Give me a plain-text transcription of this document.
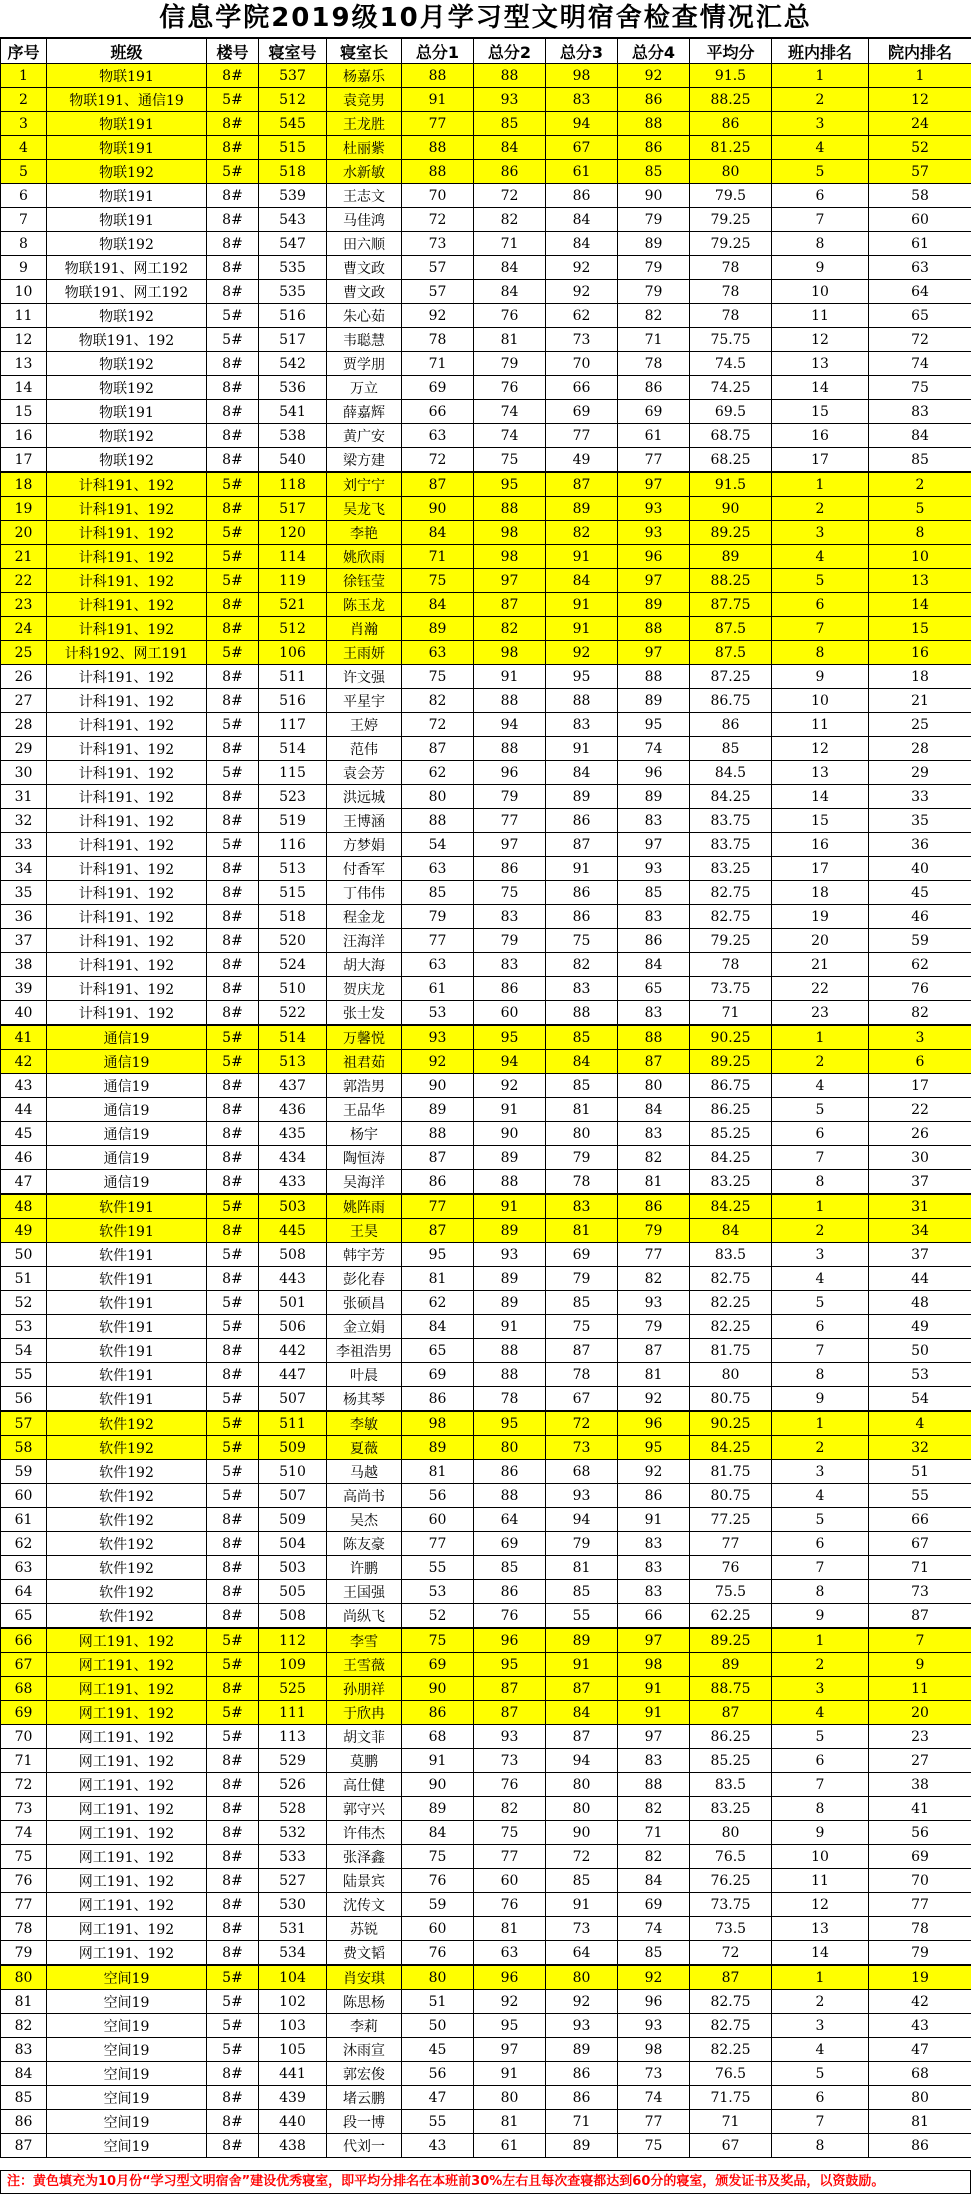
信息学院2019级10月学习型文明宿舍检查情况汇总
序号	班级	楼号	寝室号	寝室长	总分1	总分2	总分3	总分4	平均分	班内排名	院内排名
1	物联191	8#	537	杨嘉乐	88	88	98	92	91.5	1	1
2	物联191、通信19	5#	512	袁竞男	91	93	83	86	88.25	2	12
3	物联191	8#	545	王龙胜	77	85	94	88	86	3	24
4	物联191	8#	515	杜丽紫	88	84	67	86	81.25	4	52
5	物联192	5#	518	水新敏	88	86	61	85	80	5	57
6	物联191	8#	539	王志文	70	72	86	90	79.5	6	58
7	物联191	8#	543	马佳鸿	72	82	84	79	79.25	7	60
8	物联192	8#	547	田六顺	73	71	84	89	79.25	8	61
9	物联191、网工192	8#	535	曹文政	57	84	92	79	78	9	63
10	物联191、网工192	8#	535	曹文政	57	84	92	79	78	10	64
11	物联192	5#	516	朱心茹	92	76	62	82	78	11	65
12	物联191、192	5#	517	韦聪慧	78	81	73	71	75.75	12	72
13	物联192	8#	542	贾学朋	71	79	70	78	74.5	13	74
14	物联192	8#	536	万立	69	76	66	86	74.25	14	75
15	物联191	8#	541	薛嘉辉	66	74	69	69	69.5	15	83
16	物联192	8#	538	黄广安	63	74	77	61	68.75	16	84
17	物联192	8#	540	梁方建	72	75	49	77	68.25	17	85
18	计科191、192	5#	118	刘宁宁	87	95	87	97	91.5	1	2
19	计科191、192	8#	517	吴龙飞	90	88	89	93	90	2	5
20	计科191、192	5#	120	李艳	84	98	82	93	89.25	3	8
21	计科191、192	5#	114	姚欣雨	71	98	91	96	89	4	10
22	计科191、192	5#	119	徐钰莹	75	97	84	97	88.25	5	13
23	计科191、192	8#	521	陈玉龙	84	87	91	89	87.75	6	14
24	计科191、192	8#	512	肖瀚	89	82	91	88	87.5	7	15
25	计科192、网工191	5#	106	王雨妍	63	98	92	97	87.5	8	16
26	计科191、192	8#	511	许文强	75	91	95	88	87.25	9	18
27	计科191、192	8#	516	平星宇	82	88	88	89	86.75	10	21
28	计科191、192	5#	117	王婷	72	94	83	95	86	11	25
29	计科191、192	8#	514	范伟	87	88	91	74	85	12	28
30	计科191、192	5#	115	袁会芳	62	96	84	96	84.5	13	29
31	计科191、192	8#	523	洪远城	80	79	89	89	84.25	14	33
32	计科191、192	8#	519	王博涵	88	77	86	83	83.75	15	35
33	计科191、192	5#	116	方梦娟	54	97	87	97	83.75	16	36
34	计科191、192	8#	513	付香军	63	86	91	93	83.25	17	40
35	计科191、192	8#	515	丁伟伟	85	75	86	85	82.75	18	45
36	计科191、192	8#	518	程金龙	79	83	86	83	82.75	19	46
37	计科191、192	8#	520	汪海洋	77	79	75	86	79.25	20	59
38	计科191、192	8#	524	胡大海	63	83	82	84	78	21	62
39	计科191、192	8#	510	贺庆龙	61	86	83	65	73.75	22	76
40	计科191、192	8#	522	张士发	53	60	88	83	71	23	82
41	通信19	5#	514	万馨悦	93	95	85	88	90.25	1	3
42	通信19	5#	513	祖君茹	92	94	84	87	89.25	2	6
43	通信19	8#	437	郭浩男	90	92	85	80	86.75	4	17
44	通信19	8#	436	王品华	89	91	81	84	86.25	5	22
45	通信19	8#	435	杨宇	88	90	80	83	85.25	6	26
46	通信19	8#	434	陶恒涛	87	89	79	82	84.25	7	30
47	通信19	8#	433	吴海洋	86	88	78	81	83.25	8	37
48	软件191	5#	503	姚阵雨	77	91	83	86	84.25	1	31
49	软件191	8#	445	王昊	87	89	81	79	84	2	34
50	软件191	5#	508	韩宇芳	95	93	69	77	83.5	3	37
51	软件191	8#	443	彭化春	81	89	79	82	82.75	4	44
52	软件191	5#	501	张硕昌	62	89	85	93	82.25	5	48
53	软件191	5#	506	金立娟	84	91	75	79	82.25	6	49
54	软件191	8#	442	李祖浩男	65	88	87	87	81.75	7	50
55	软件191	8#	447	叶晨	69	88	78	81	80	8	53
56	软件191	5#	507	杨其琴	86	78	67	92	80.75	9	54
57	软件192	5#	511	李敏	98	95	72	96	90.25	1	4
58	软件192	5#	509	夏薇	89	80	73	95	84.25	2	32
59	软件192	5#	510	马越	81	86	68	92	81.75	3	51
60	软件192	5#	507	高尚书	56	88	93	86	80.75	4	55
61	软件192	8#	509	吴杰	60	64	94	91	77.25	5	66
62	软件192	8#	504	陈友豪	77	69	79	83	77	6	67
63	软件192	8#	503	许鹏	55	85	81	83	76	7	71
64	软件192	8#	505	王国强	53	86	85	83	75.5	8	73
65	软件192	8#	508	尚纵飞	52	76	55	66	62.25	9	87
66	网工191、192	5#	112	李雪	75	96	89	97	89.25	1	7
67	网工191、192	5#	109	王雪薇	69	95	91	98	89	2	9
68	网工191、192	8#	525	孙朋祥	90	87	87	91	88.75	3	11
69	网工191、192	5#	111	于欣冉	86	87	84	91	87	4	20
70	网工191、192	5#	113	胡文菲	68	93	87	97	86.25	5	23
71	网工191、192	8#	529	莫鹏	91	73	94	83	85.25	6	27
72	网工191、192	8#	526	高仕健	90	76	80	88	83.5	7	38
73	网工191、192	8#	528	郭守兴	89	82	80	82	83.25	8	41
74	网工191、192	8#	532	许伟杰	84	75	90	71	80	9	56
75	网工191、192	8#	533	张泽鑫	75	77	72	82	76.5	10	69
76	网工191、192	8#	527	陆景宾	76	60	85	84	76.25	11	70
77	网工191、192	8#	530	沈传文	59	76	91	69	73.75	12	77
78	网工191、192	8#	531	苏锐	60	81	73	74	73.5	13	78
79	网工191、192	8#	534	费文韬	76	63	64	85	72	14	79
80	空间19	5#	104	肖安琪	80	96	80	92	87	1	19
81	空间19	5#	102	陈思杨	51	92	92	96	82.75	2	42
82	空间19	5#	103	李莉	50	95	93	93	82.75	3	43
83	空间19	5#	105	沐雨宣	45	97	89	98	82.25	4	47
84	空间19	8#	441	郭宏俊	56	91	86	73	76.5	5	68
85	空间19	8#	439	堵云鹏	47	80	86	74	71.75	6	80
86	空间19	8#	440	段一博	55	81	71	77	71	7	81
87	空间19	8#	438	代刘一	43	61	89	75	67	8	86
注：黄色填充为10月份“学习型文明宿舍”建设优秀寝室，即平均分排名在本班前30%左右且每次查寝都达到60分的寝室，颁发证书及奖品，以资鼓励。
